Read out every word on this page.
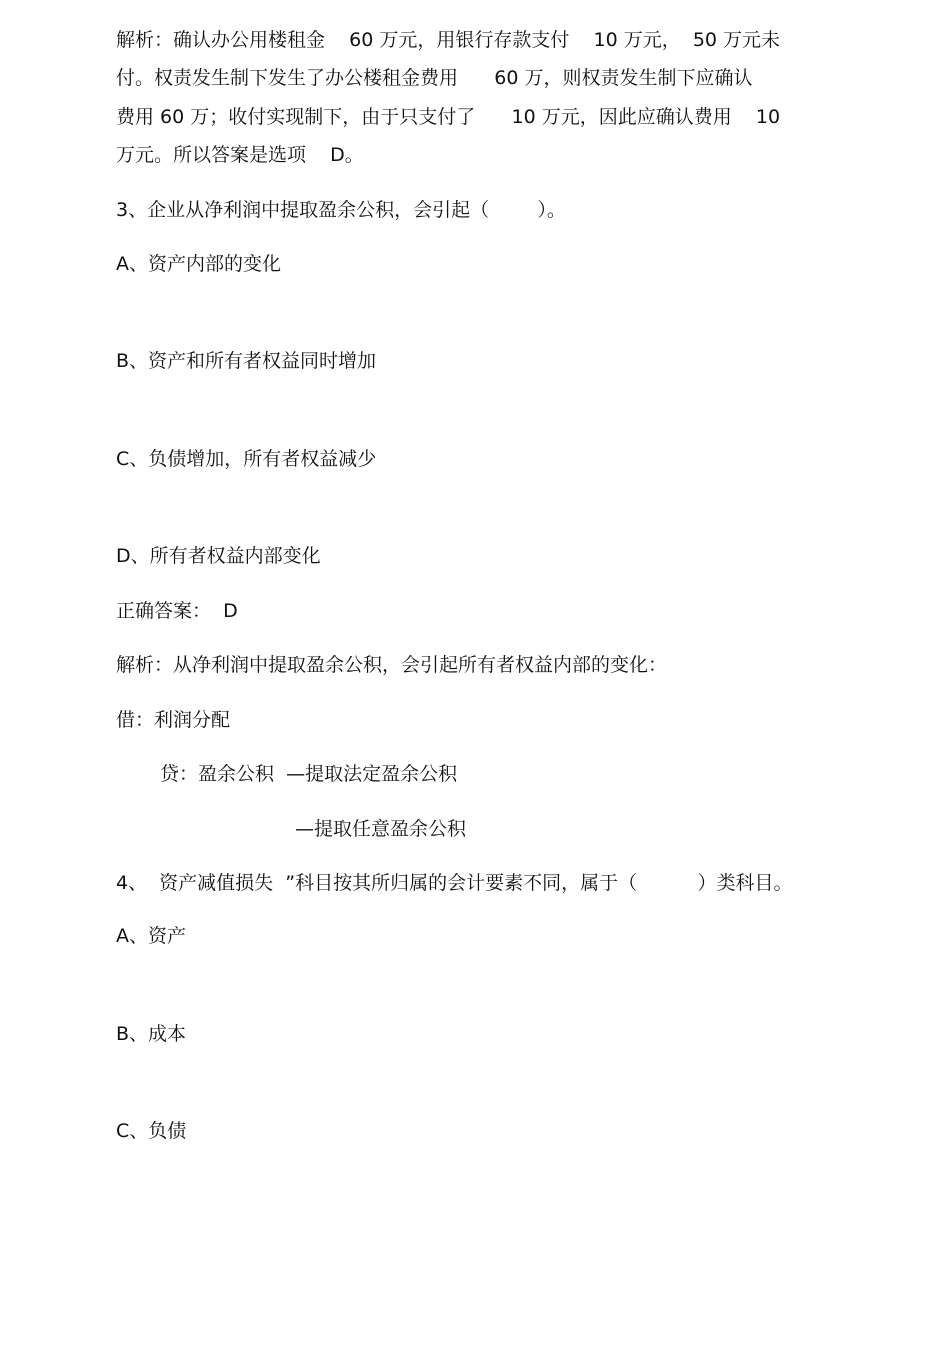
解析：确认办公用楼租金    60 万元，用银行存款支付    10 万元，  50 万元未

付。权责发生制下发生了办公楼租金费用      60 万，则权责发生制下应确认

费用 60 万；收付实现制下，由于只支付了      10 万元，因此应确认费用    10

万元。所以答案是选项    D。

3、企业从净利润中提取盈余公积，会引起（        ）。

A、资产内部的变化

B、资产和所有者权益同时增加

C、负债增加，所有者权益减少

D、所有者权益内部变化

正确答案：  D

解析：从净利润中提取盈余公积，会引起所有者权益内部的变化：

借：利润分配

贷：盈余公积  —提取法定盈余公积

—提取任意盈余公积

4、  资产减值损失  ”科目按其所归属的会计要素不同，属于（          ）类科目。

A、资产

B、成本

C、负债
